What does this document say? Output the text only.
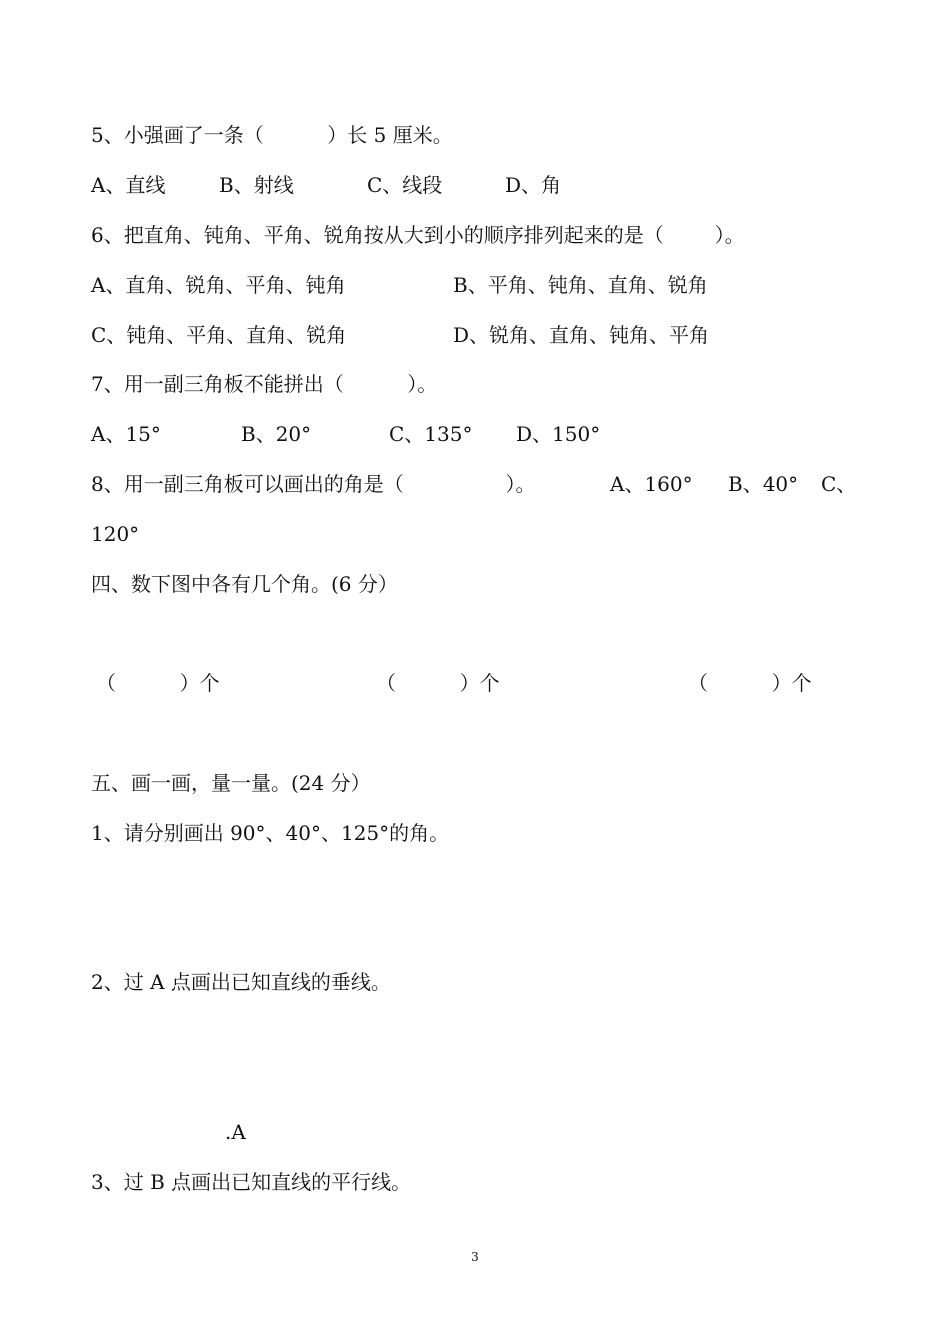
5、小强画了一条（          ）长 5 厘米。
A、直线	B、射线	C、线段	D、角
6、把直角、钝角、平角、锐角按从大到小的顺序排列起来的是（        ）。
A、直角、锐角、平角、钝角	B、平角、钝角、直角、锐角
C、钝角、平角、直角、锐角	D、锐角、直角、钝角、平角
7、用一副三角板不能拼出（          ）。
A、15°	B、20°	C、135° D、150°
8、用一副三角板可以画出的角是（                ）。	A、160° B、40° C、
120°
四、数下图中各有几个角。(6 分）
（          ）个	（          ）个	（          ）个
五、画一画，量一量。(24 分）
1、请分别画出 90°、40°、125°的角。
2、过 A 点画出已知直线的垂线。
.A
3、过 B 点画出已知直线的平行线。
3
